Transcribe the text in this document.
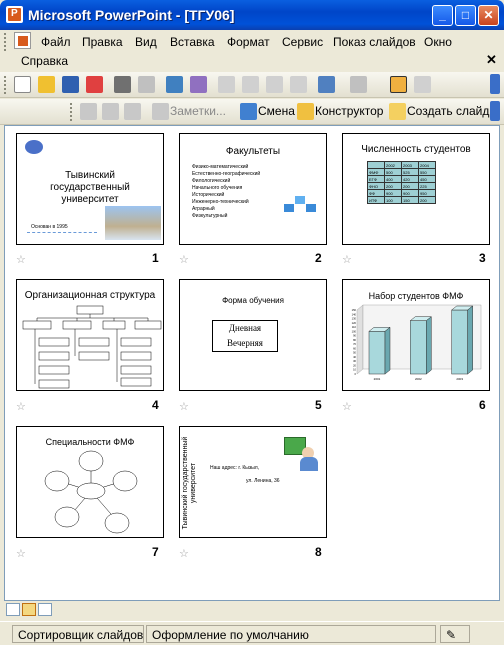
P
Microsoft PowerPoint - [ТГУ06]	_	□	✕
Файл Правка Вид Вставка Формат Сервис Показ слайдов Окно
Справка	✕
Заметки...	Смена Конструктор Создать слайд
Тывинский государственный университет
Основан в 1995
1
☆
Факультеты
Физико-математический
Естественно-географический
Филологический
Начального обучения
Исторический
Инженерно-технический
Аграрный
Физкультурный
2
☆
Численность студентов
	2002	2003	2004
ФМФ	500	525	550
ЕГФ	400	420	450
ФНО	200	200	225
ФФ	900	900	950
ИТФ	100	150	200
3
☆
Организационная структура
4
☆
Форма обучения
Дневная
Вечерняя
5
☆
Набор студентов ФМФ
150
140
130
120
110
100
90
80
70
60
50
40
30
20
10
0
2001	2002	2003
6
☆
Специальности ФМФ
7
☆
Тывинский государственный университет	Наш адрес: г. Кызыл,
ул. Ленина, 36
8
☆
Сортировщик слайдов Оформление по умолчанию	✎
